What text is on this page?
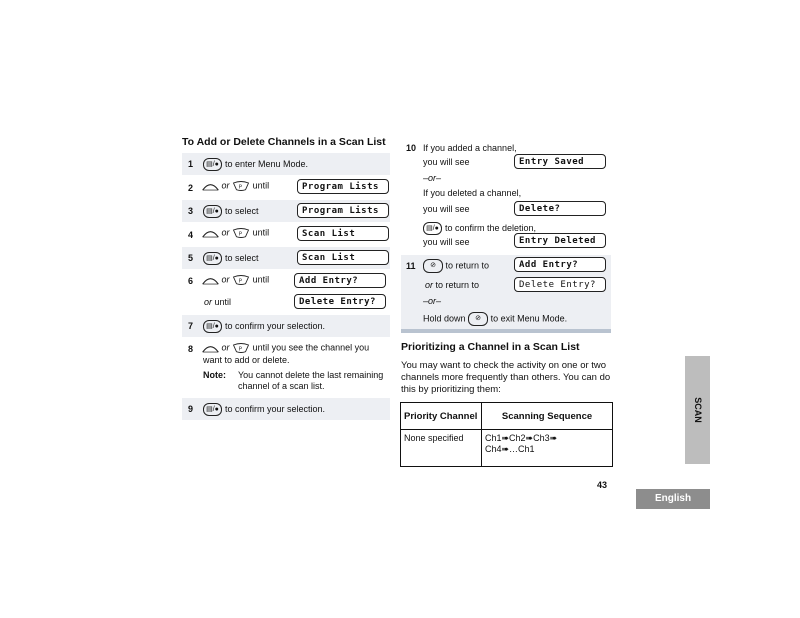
To Add or Delete Channels in a Scan List
1	▤/● to enter Menu Mode.
2	or P until	Program Lists
3	▤/● to select	Program Lists
4	or P until	Scan List
5	▤/● to select	Scan List
6	or P until	Add Entry?
or until	Delete Entry?
7	▤/● to confirm your selection.
8	or P until you see the channel you
want to add or delete.
Note: You cannot delete the last remaining
channel of a scan list.
9	▤/● to confirm your selection.
10 If you added a channel,
you will see	Entry Saved
–or–
If you deleted a channel,
you will see	Delete?
▤/● to confirm the deletion,
you will see	Entry Deleted
11	⊘ to return to	Add Entry?
or to return to	Delete Entry?
–or–
Hold down ⊘ to exit Menu Mode.
Prioritizing a Channel in a Scan List
You may want to check the activity on one or two channels more frequently than others. You can do this by prioritizing them:
Priority Channel	Scanning Sequence
None specified	Ch1➠Ch2➠Ch3➠
Ch4➠…Ch1
43
SCAN
English
